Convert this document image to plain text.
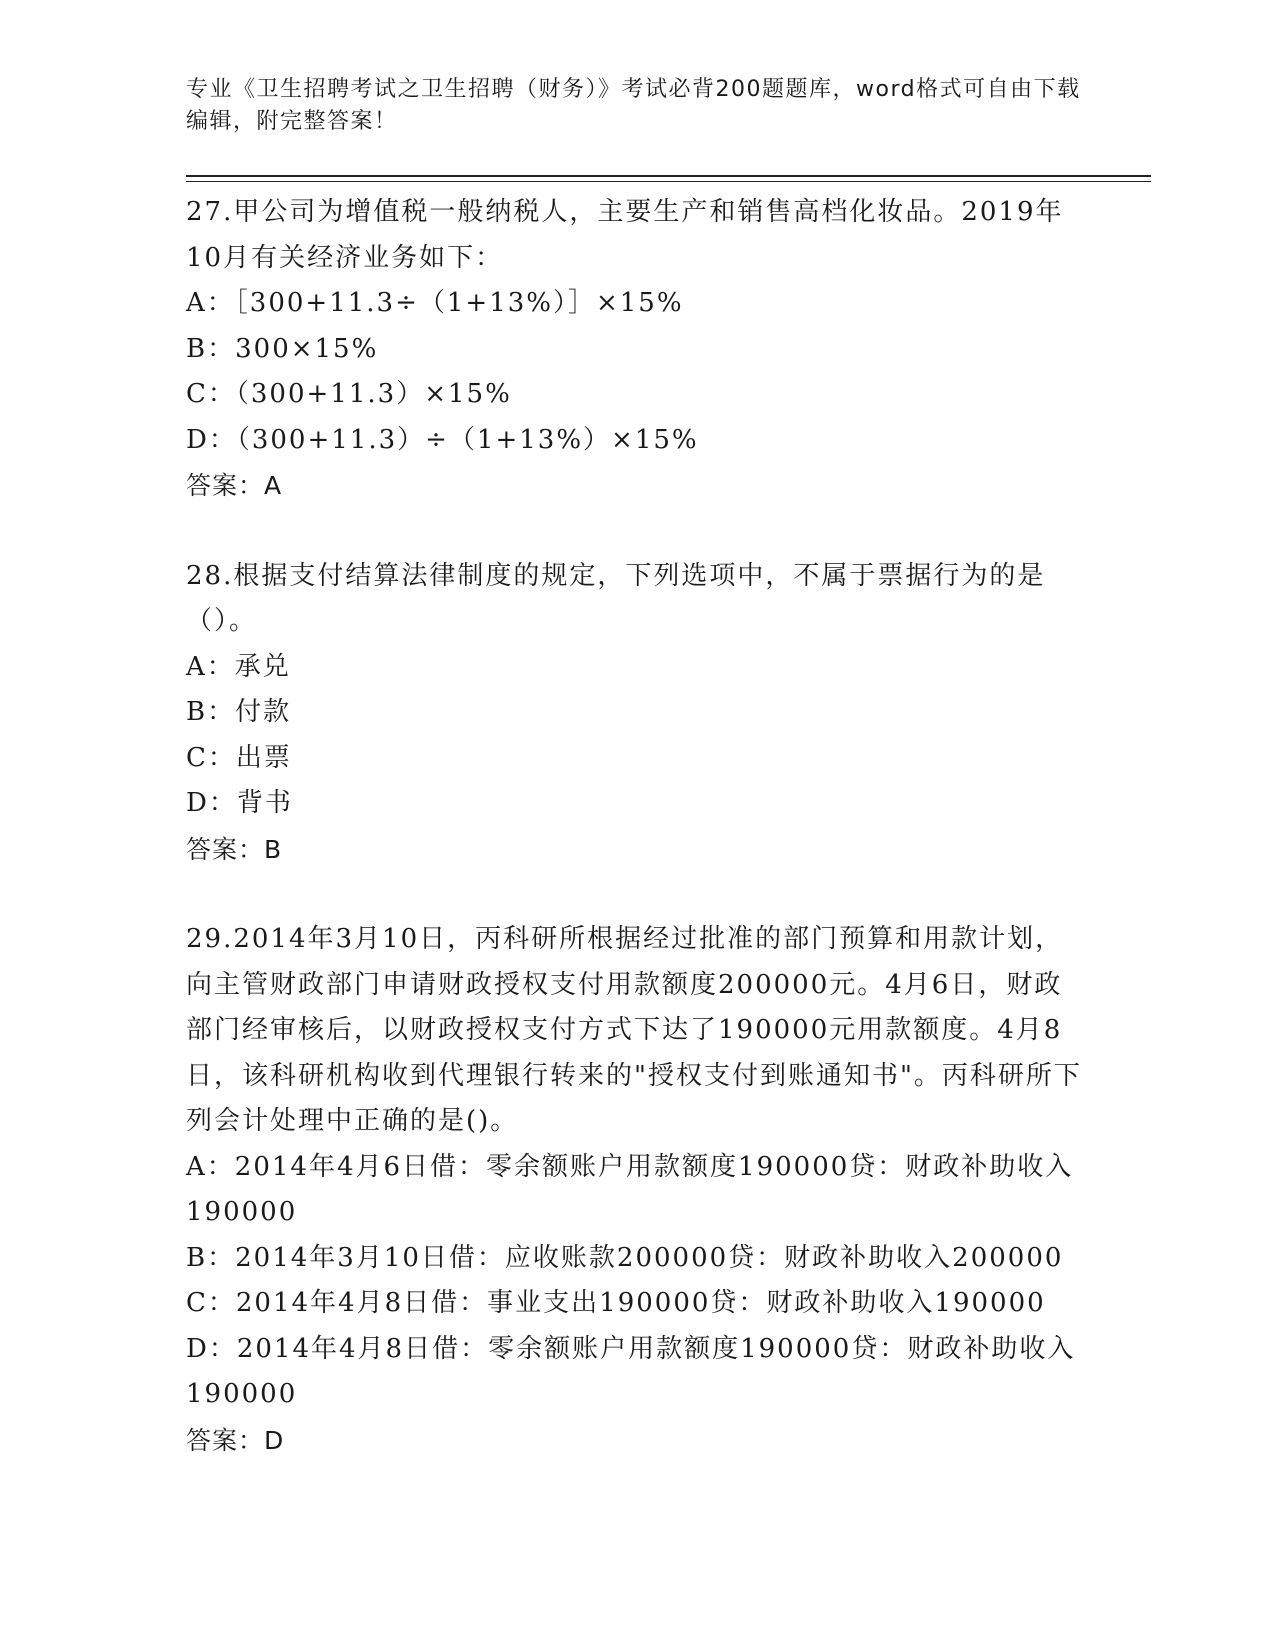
专业《卫生招聘考试之卫生招聘（财务）》考试必背200题题库，word格式可自由下载编辑，附完整答案！
27.甲公司为增值税一般纳税人，主要生产和销售高档化妆品。2019年10月有关经济业务如下：
A：［300+11.3÷（1+13%）］×15%
B：300×15%
C：（300+11.3）×15%
D：（300+11.3）÷（1+13%）×15%
答案：A
28.根据支付结算法律制度的规定，下列选项中，不属于票据行为的是（）。
A：承兑
B：付款
C：出票
D：背书
答案：B
29.2014年3月10日，丙科研所根据经过批准的部门预算和用款计划，向主管财政部门申请财政授权支付用款额度200000元。4月6日，财政部门经审核后，以财政授权支付方式下达了190000元用款额度。4月8日，该科研机构收到代理银行转来的"授权支付到账通知书"。丙科研所下列会计处理中正确的是()。
A：2014年4月6日借：零余额账户用款额度190000贷：财政补助收入190000
B：2014年3月10日借：应收账款200000贷：财政补助收入200000
C：2014年4月8日借：事业支出190000贷：财政补助收入190000
D：2014年4月8日借：零余额账户用款额度190000贷：财政补助收入190000
答案：D
